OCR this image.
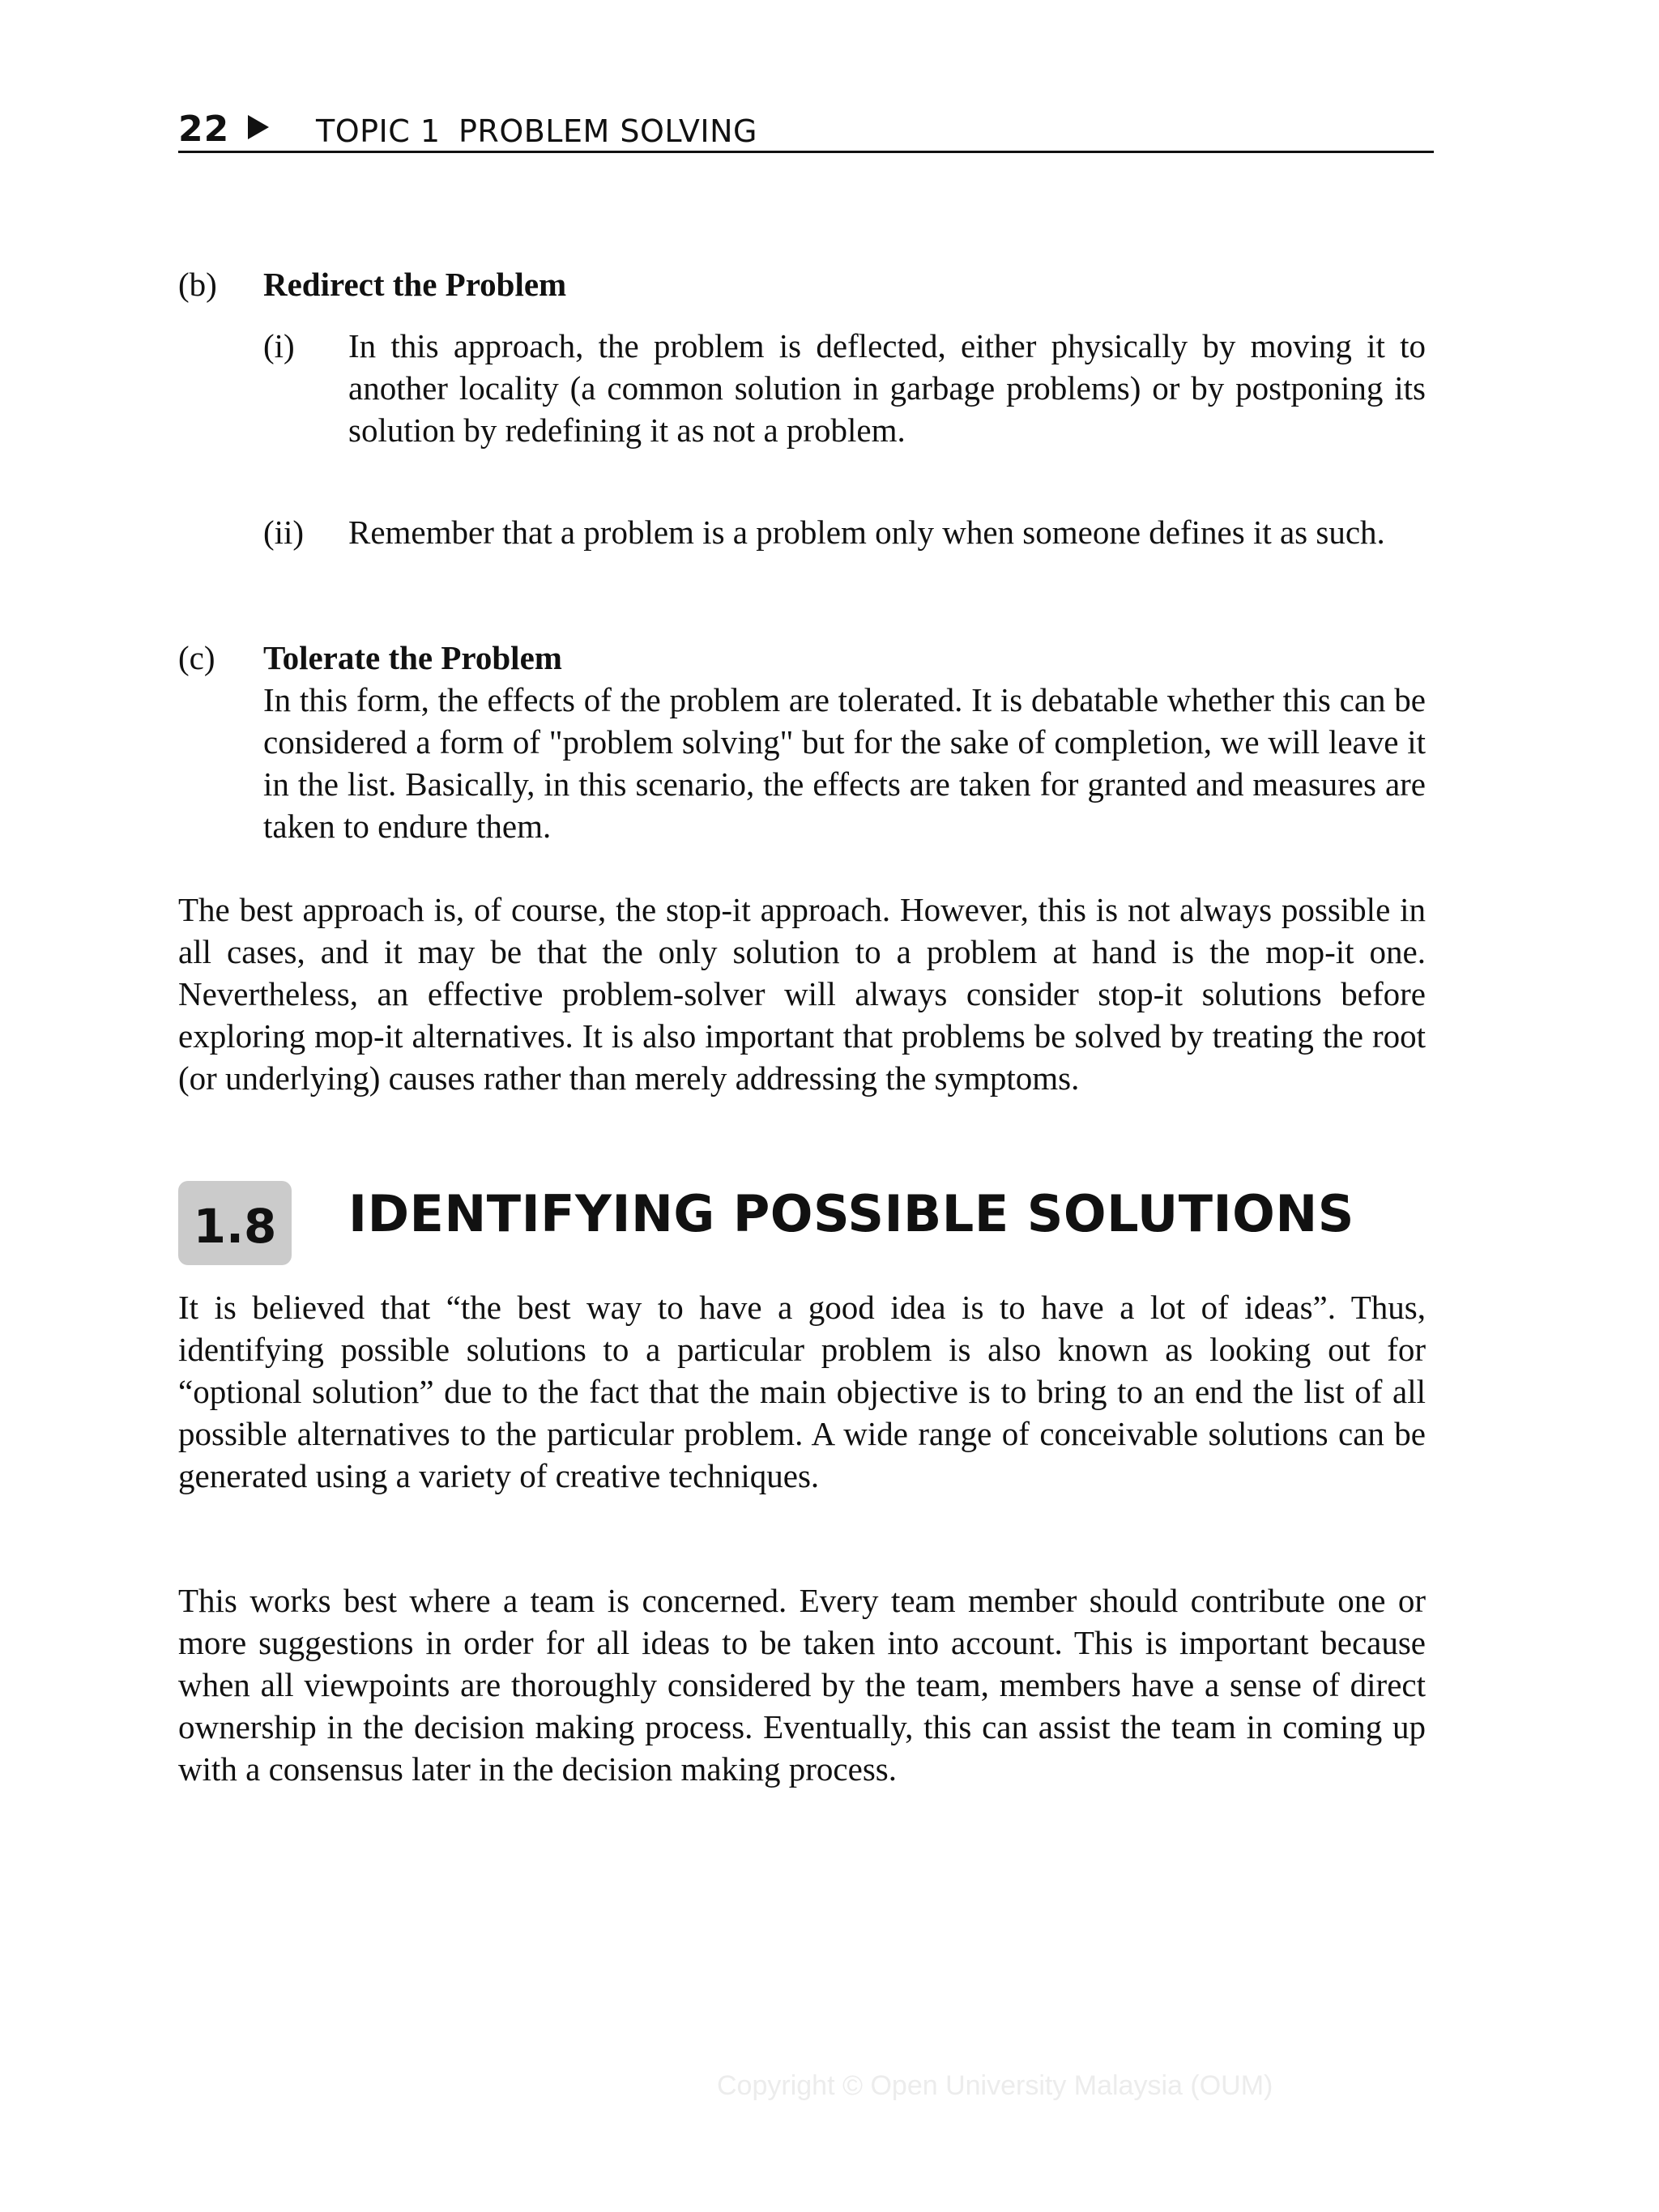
22	TOPIC 1 PROBLEM SOLVING
(b) Redirect the Problem
(i) In this approach, the problem is deflected, either physically by moving it to another locality (a common solution in garbage problems) or by postponing its solution by redefining it as not a problem.
(ii) Remember that a problem is a problem only when someone defines it as such.
(c) Tolerate the Problem
In this form, the effects of the problem are tolerated. It is debatable whether this can be considered a form of "problem solving" but for the sake of completion, we will leave it in the list. Basically, in this scenario, the effects are taken for granted and measures are taken to endure them.
The best approach is, of course, the stop-it approach. However, this is not always possible in all cases, and it may be that the only solution to a problem at hand is the mop-it one. Nevertheless, an effective problem-solver will always consider stop-it solutions before exploring mop-it alternatives. It is also important that problems be solved by treating the root (or underlying) causes rather than merely addressing the symptoms.
1.8	IDENTIFYING POSSIBLE SOLUTIONS
It is believed that “the best way to have a good idea is to have a lot of ideas”. Thus, identifying possible solutions to a particular problem is also known as looking out for “optional solution” due to the fact that the main objective is to bring to an end the list of all possible alternatives to the particular problem. A wide range of conceivable solutions can be generated using a variety of creative techniques.
This works best where a team is concerned. Every team member should contribute one or more suggestions in order for all ideas to be taken into account. This is important because when all viewpoints are thoroughly considered by the team, members have a sense of direct ownership in the decision making process. Eventually, this can assist the team in coming up with a consensus later in the decision making process.
Copyright © Open University Malaysia (OUM)
